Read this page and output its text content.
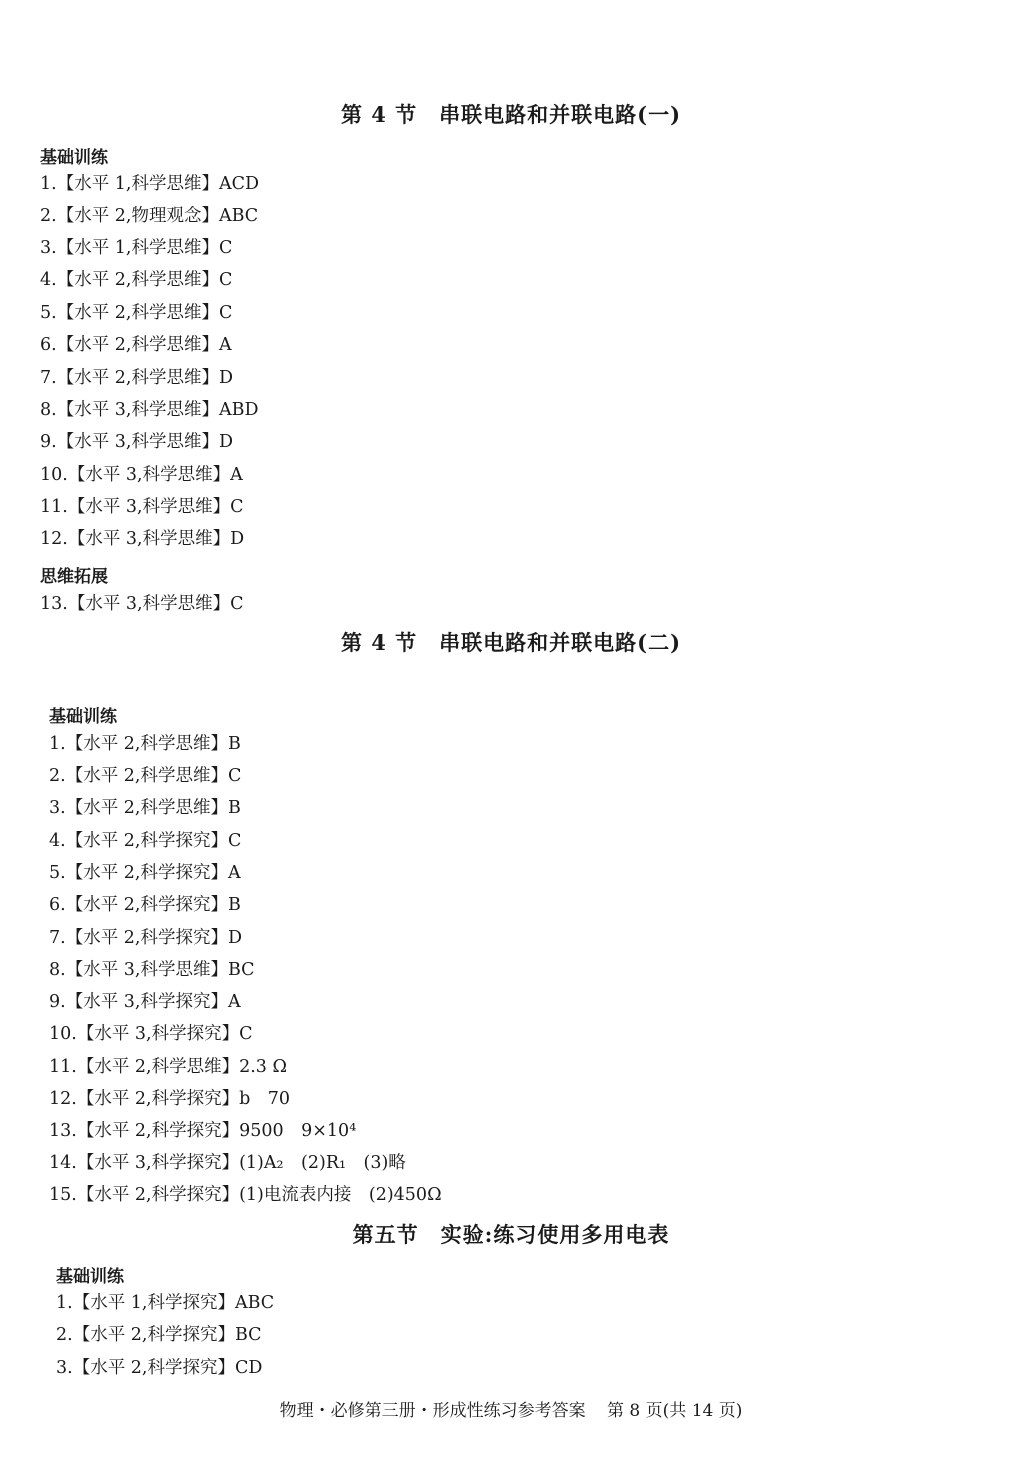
第 4 节　串联电路和并联电路(一)
基础训练
1.【水平 1,科学思维】ACD
2.【水平 2,物理观念】ABC
3.【水平 1,科学思维】C
4.【水平 2,科学思维】C
5.【水平 2,科学思维】C
6.【水平 2,科学思维】A
7.【水平 2,科学思维】D
8.【水平 3,科学思维】ABD
9.【水平 3,科学思维】D
10.【水平 3,科学思维】A
11.【水平 3,科学思维】C
12.【水平 3,科学思维】D
思维拓展
13.【水平 3,科学思维】C
第 4 节　串联电路和并联电路(二)
基础训练
1.【水平 2,科学思维】B
2.【水平 2,科学思维】C
3.【水平 2,科学思维】B
4.【水平 2,科学探究】C
5.【水平 2,科学探究】A
6.【水平 2,科学探究】B
7.【水平 2,科学探究】D
8.【水平 3,科学思维】BC
9.【水平 3,科学探究】A
10.【水平 3,科学探究】C
11.【水平 2,科学思维】2.3 Ω
12.【水平 2,科学探究】b　70
13.【水平 2,科学探究】9500　9×10⁴
14.【水平 3,科学探究】(1)A₂　(2)R₁　(3)略
15.【水平 2,科学探究】(1)电流表内接　(2)450Ω
第五节　实验:练习使用多用电表
基础训练
1.【水平 1,科学探究】ABC
2.【水平 2,科学探究】BC
3.【水平 2,科学探究】CD
物理・必修第三册・形成性练习参考答案 第 8 页(共 14 页)
